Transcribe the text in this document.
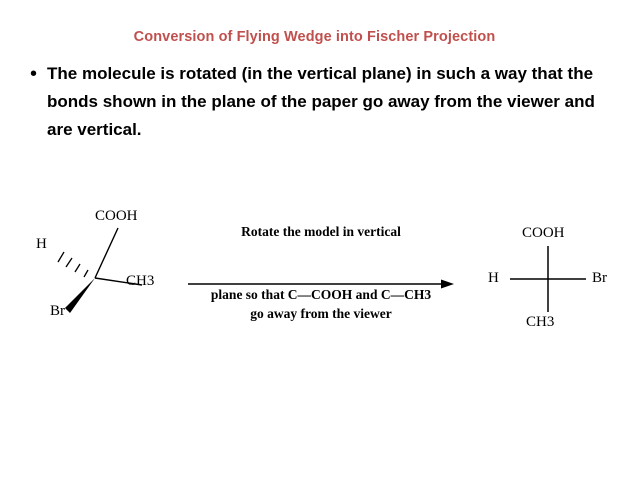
Conversion of Flying Wedge into Fischer Projection
• The molecule is rotated (in the vertical plane) in such a way that the bonds shown in the plane of the paper go away from the viewer and are vertical.
COOH
H
CH3
Br
Rotate the model in vertical
plane so that C—COOH and C—CH3
go away from the viewer
COOH
H	Br
CH3
